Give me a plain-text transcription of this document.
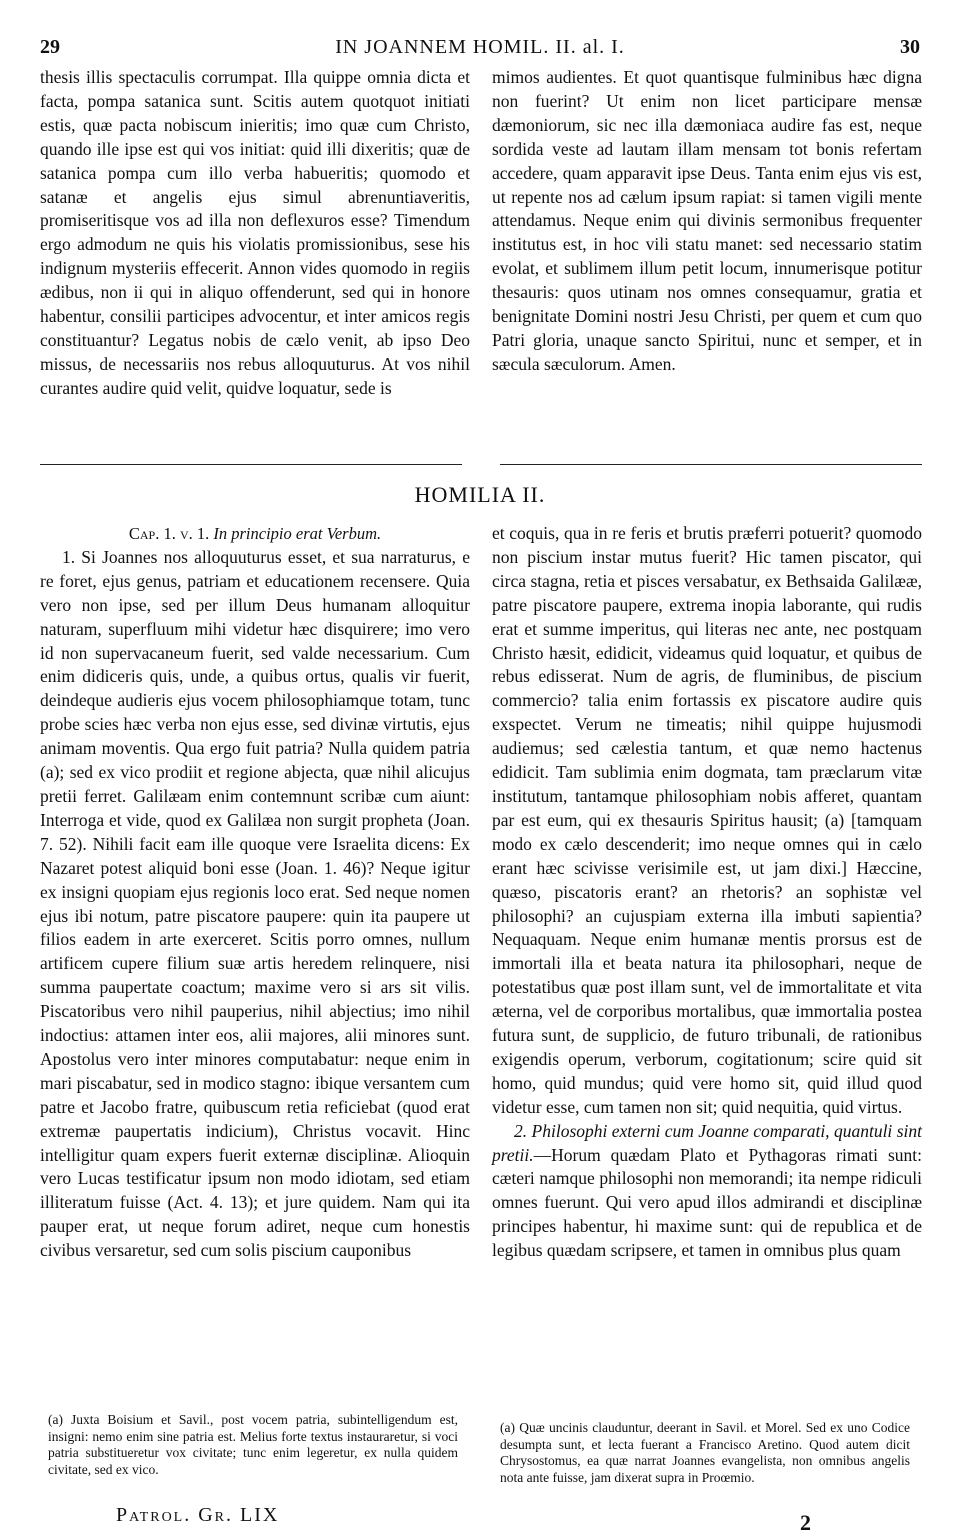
29	IN JOANNEM HOMIL. II. al. I.	30

thesis illis spectaculis corrumpat. Illa quippe omnia dicta et facta, pompa satanica sunt. Scitis autem quotquot initiati estis, quæ pacta nobiscum inieritis; imo quæ cum Christo, quando ille ipse est qui vos initiat: quid illi dixeritis; quæ de satanica pompa cum illo verba habueritis; quomodo et satanæ et angelis ejus simul abrenuntiaveritis, promiseritisque vos ad illa non deflexuros esse? Timendum ergo admodum ne quis his violatis promissionibus, sese his indignum mysteriis effecerit. Annon vides quomodo in regiis ædibus, non ii qui in aliquo offenderunt, sed qui in honore habentur, consilii participes advocentur, et inter amicos regis constituantur? Legatus nobis de cælo venit, ab ipso Deo missus, de necessariis nos rebus alloquuturus. At vos nihil curantes audire quid velit, quidve loquatur, sede is

mimos audientes. Et quot quantisque fulminibus hæc digna non fuerint? Ut enim non licet participare mensæ dæmoniorum, sic nec illa dæmoniaca audire fas est, neque sordida veste ad lautam illam mensam tot bonis refertam accedere, quam apparavit ipse Deus. Tanta enim ejus vis est, ut repente nos ad cælum ipsum rapiat: si tamen vigili mente attendamus. Neque enim qui divinis sermonibus frequenter institutus est, in hoc vili statu manet: sed necessario statim evolat, et sublimem illum petit locum, innumerisque potitur thesauris: quos utinam nos omnes consequamur, gratia et benignitate Domini nostri Jesu Christi, per quem et cum quo Patri gloria, unaque sancto Spiritui, nunc et semper, et in sæcula sæculorum. Amen.

HOMILIA II.

Cap. 1. v. 1. In principio erat Verbum.

1. Si Joannes nos alloquuturus esset, et sua narraturus, e re foret, ejus genus, patriam et educationem recensere. Quia vero non ipse, sed per illum Deus humanam alloquitur naturam, superfluum mihi videtur hæc disquirere; imo vero id non supervacaneum fuerit, sed valde necessarium. Cum enim didiceris quis, unde, a quibus ortus, qualis vir fuerit, deindeque audieris ejus vocem philosophiamque totam, tunc probe scies hæc verba non ejus esse, sed divinæ virtutis, ejus animam moventis. Qua ergo fuit patria? Nulla quidem patria (a); sed ex vico prodiit et regione abjecta, quæ nihil alicujus pretii ferret. Galilæam enim contemnunt scribæ cum aiunt: Interroga et vide, quod ex Galilæa non surgit propheta (Joan. 7. 52). Nihili facit eam ille quoque vere Israelita dicens: Ex Nazaret potest aliquid boni esse (Joan. 1. 46)? Neque igitur ex insigni quopiam ejus regionis loco erat. Sed neque nomen ejus ibi notum, patre piscatore paupere: quin ita paupere ut filios eadem in arte exerceret. Scitis porro omnes, nullum artificem cupere filium suæ artis heredem relinquere, nisi summa paupertate coactum; maxime vero si ars sit vilis. Piscatoribus vero nihil pauperius, nihil abjectius; imo nihil indoctius: attamen inter eos, alii majores, alii minores sunt. Apostolus vero inter minores computabatur: neque enim in mari piscabatur, sed in modico stagno: ibique versantem cum patre et Jacobo fratre, quibuscum retia reficiebat (quod erat extremæ paupertatis indicium), Christus vocavit. Hinc intelligitur quam expers fuerit externæ disciplinæ. Alioquin vero Lucas testificatur ipsum non modo idiotam, sed etiam illiteratum fuisse (Act. 4. 13); et jure quidem. Nam qui ita pauper erat, ut neque forum adiret, neque cum honestis civibus versaretur, sed cum solis piscium cauponibus

et coquis, qua in re feris et brutis præferri potuerit? quomodo non piscium instar mutus fuerit? Hic tamen piscator, qui circa stagna, retia et pisces versabatur, ex Bethsaida Galilææ, patre piscatore paupere, extrema inopia laborante, qui rudis erat et summe imperitus, qui literas nec ante, nec postquam Christo hæsit, edidicit, videamus quid loquatur, et quibus de rebus edisserat. Num de agris, de fluminibus, de piscium commercio? talia enim fortassis ex piscatore audire quis exspectet. Verum ne timeatis; nihil quippe hujusmodi audiemus; sed cælestia tantum, et quæ nemo hactenus edidicit. Tam sublimia enim dogmata, tam præclarum vitæ institutum, tantamque philosophiam nobis afferet, quantam par est eum, qui ex thesauris Spiritus hausit; (a) [tamquam modo ex cælo descenderit; imo neque omnes qui in cælo erant hæc scivisse verisimile est, ut jam dixi.] Hæccine, quæso, piscatoris erant? an rhetoris? an sophistæ vel philosophi? an cujuspiam externa illa imbuti sapientia? Nequaquam. Neque enim humanæ mentis prorsus est de immortali illa et beata natura ita philosophari, neque de potestatibus quæ post illam sunt, vel de immortalitate et vita æterna, vel de corporibus mortalibus, quæ immortalia postea futura sunt, de supplicio, de futuro tribunali, de rationibus exigendis operum, verborum, cogitationum; scire quid sit homo, quid mundus; quid vere homo sit, quid illud quod videtur esse, cum tamen non sit; quid nequitia, quid virtus.

2. Philosophi externi cum Joanne comparati, quantuli sint pretii.—Horum quædam Plato et Pythagoras rimati sunt: cæteri namque philosophi non memorandi; ita nempe ridiculi omnes fuerunt. Qui vero apud illos admirandi et disciplinæ principes habentur, hi maxime sunt: qui de republica et de legibus quædam scripsere, et tamen in omnibus plus quam

(a) Juxta Boisium et Savil., post vocem patria, subintelligendum est, insigni: nemo enim sine patria est. Melius forte textus instauraretur, si voci patria substitueretur vox civitate; tunc enim legeretur, ex nulla quidem civitate, sed ex vico.
(a) Quæ uncinis clauduntur, deerant in Savil. et Morel. Sed ex uno Codice desumpta sunt, et lecta fuerant a Francisco Aretino. Quod autem dicit Chrysostomus, ea quæ narrat Joannes evangelista, non omnibus angelis nota ante fuisse, jam dixerat supra in Proœmio.
Patrol. Gr. LIX	2
